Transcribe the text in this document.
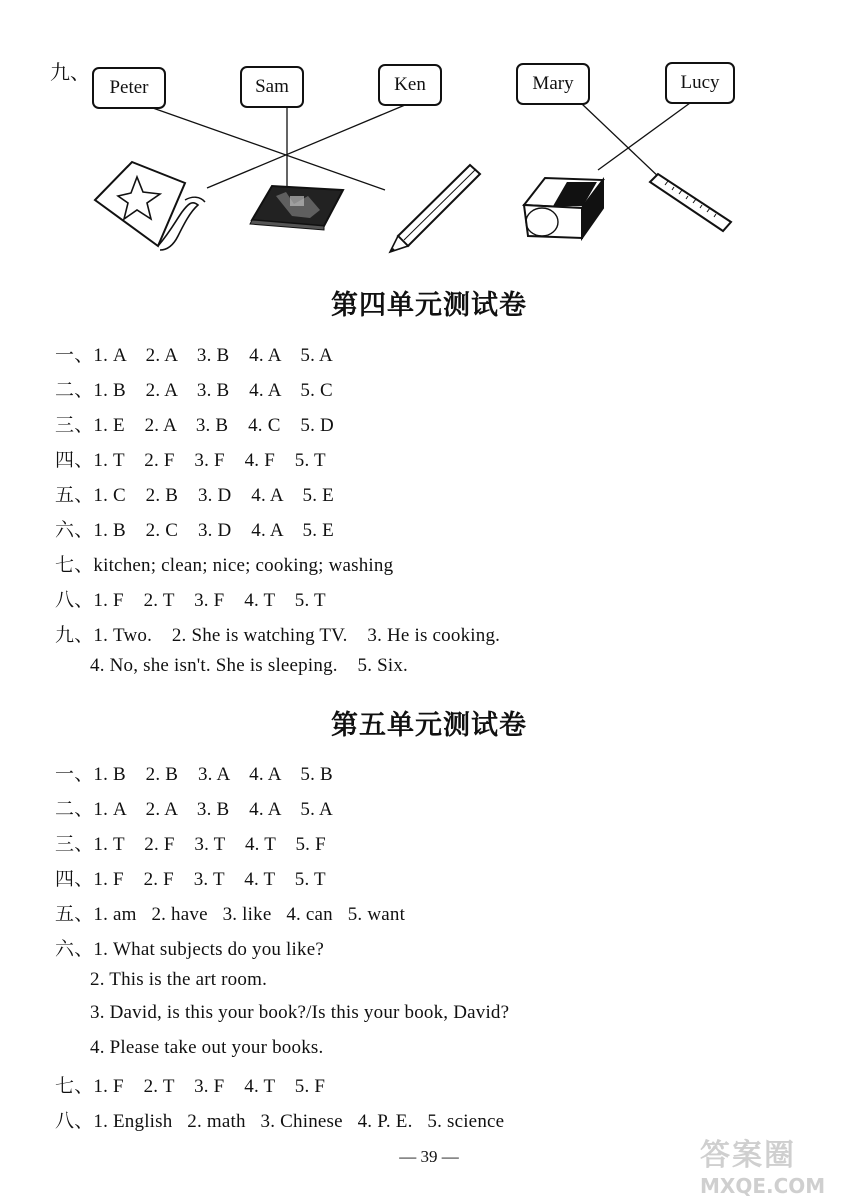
九、
Peter	Sam	Ken	Mary	Lucy
第四单元测试卷
一、1. A    2. A    3. B    4. A    5. A
二、1. B    2. A    3. B    4. A    5. C
三、1. E    2. A    3. B    4. C    5. D
四、1. T    2. F    3. F    4. F    5. T
五、1. C    2. B    3. D    4. A    5. E
六、1. B    2. C    3. D    4. A    5. E
七、kitchen; clean; nice; cooking; washing
八、1. F    2. T    3. F    4. T    5. T
九、1. Two.    2. She is watching TV.    3. He is cooking.
4. No, she isn't. She is sleeping.    5. Six.
第五单元测试卷
一、1. B    2. B    3. A    4. A    5. B
二、1. A    2. A    3. B    4. A    5. A
三、1. T    2. F    3. T    4. T    5. F
四、1. F    2. F    3. T    4. T    5. T
五、1. am   2. have   3. like   4. can   5. want
六、1. What subjects do you like?
2. This is the art room.
3. David, is this your book?/Is this your book, David?
4. Please take out your books.
七、1. F    2. T    3. F    4. T    5. F
八、1. English   2. math   3. Chinese   4. P. E.   5. science
— 39 —	答案圈
MXQE.COM
